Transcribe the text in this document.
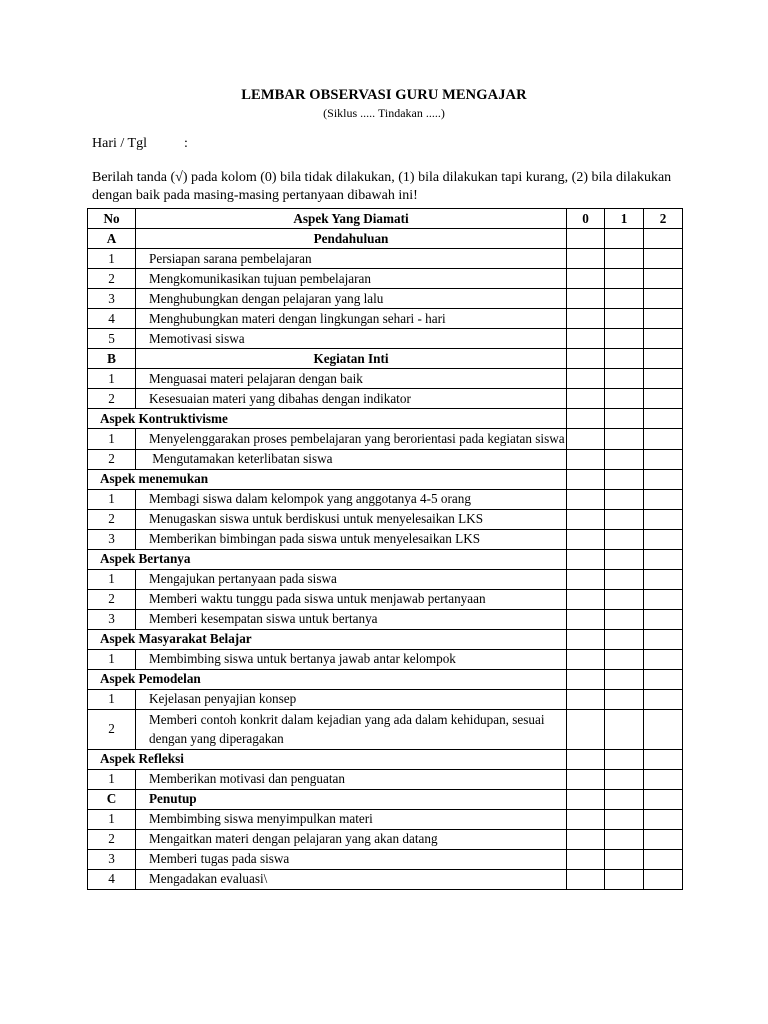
LEMBAR OBSERVASI GURU MENGAJAR
(Siklus ..... Tindakan .....)
Hari / Tgl	:
Berilah tanda (√) pada kolom (0) bila tidak dilakukan, (1) bila dilakukan tapi kurang, (2) bila dilakukan dengan baik pada masing-masing pertanyaan dibawah ini!
No	Aspek Yang Diamati	0	1	2
A	Pendahuluan			
1	Persiapan sarana pembelajaran			
2	Mengkomunikasikan tujuan pembelajaran			
3	Menghubungkan dengan pelajaran yang lalu			
4	Menghubungkan materi dengan lingkungan sehari - hari			
5	Memotivasi siswa			
B	Kegiatan Inti			
1	Menguasai materi pelajaran dengan baik			
2	Kesesuaian materi yang dibahas dengan indikator			
Aspek Kontruktivisme				
1	Menyelenggarakan proses pembelajaran yang berorientasi pada kegiatan siswa			
2	Mengutamakan keterlibatan siswa			
Aspek menemukan				
1	Membagi siswa dalam kelompok yang anggotanya 4-5 orang			
2	Menugaskan siswa untuk berdiskusi untuk menyelesaikan LKS			
3	Memberikan bimbingan pada siswa untuk menyelesaikan LKS			
Aspek Bertanya				
1	Mengajukan pertanyaan pada siswa			
2	Memberi waktu tunggu pada siswa untuk menjawab pertanyaan			
3	Memberi kesempatan siswa untuk bertanya			
Aspek Masyarakat Belajar				
1	Membimbing siswa untuk bertanya jawab antar kelompok			
Aspek Pemodelan				
1	Kejelasan penyajian konsep			
2	Memberi contoh konkrit dalam kejadian yang ada dalam kehidupan, sesuai dengan yang diperagakan			
Aspek Refleksi				
1	Memberikan motivasi dan penguatan			
C	Penutup			
1	Membimbing siswa menyimpulkan materi			
2	Mengaitkan materi dengan pelajaran yang akan datang			
3	Memberi tugas pada siswa			
4	Mengadakan evaluasi\			
